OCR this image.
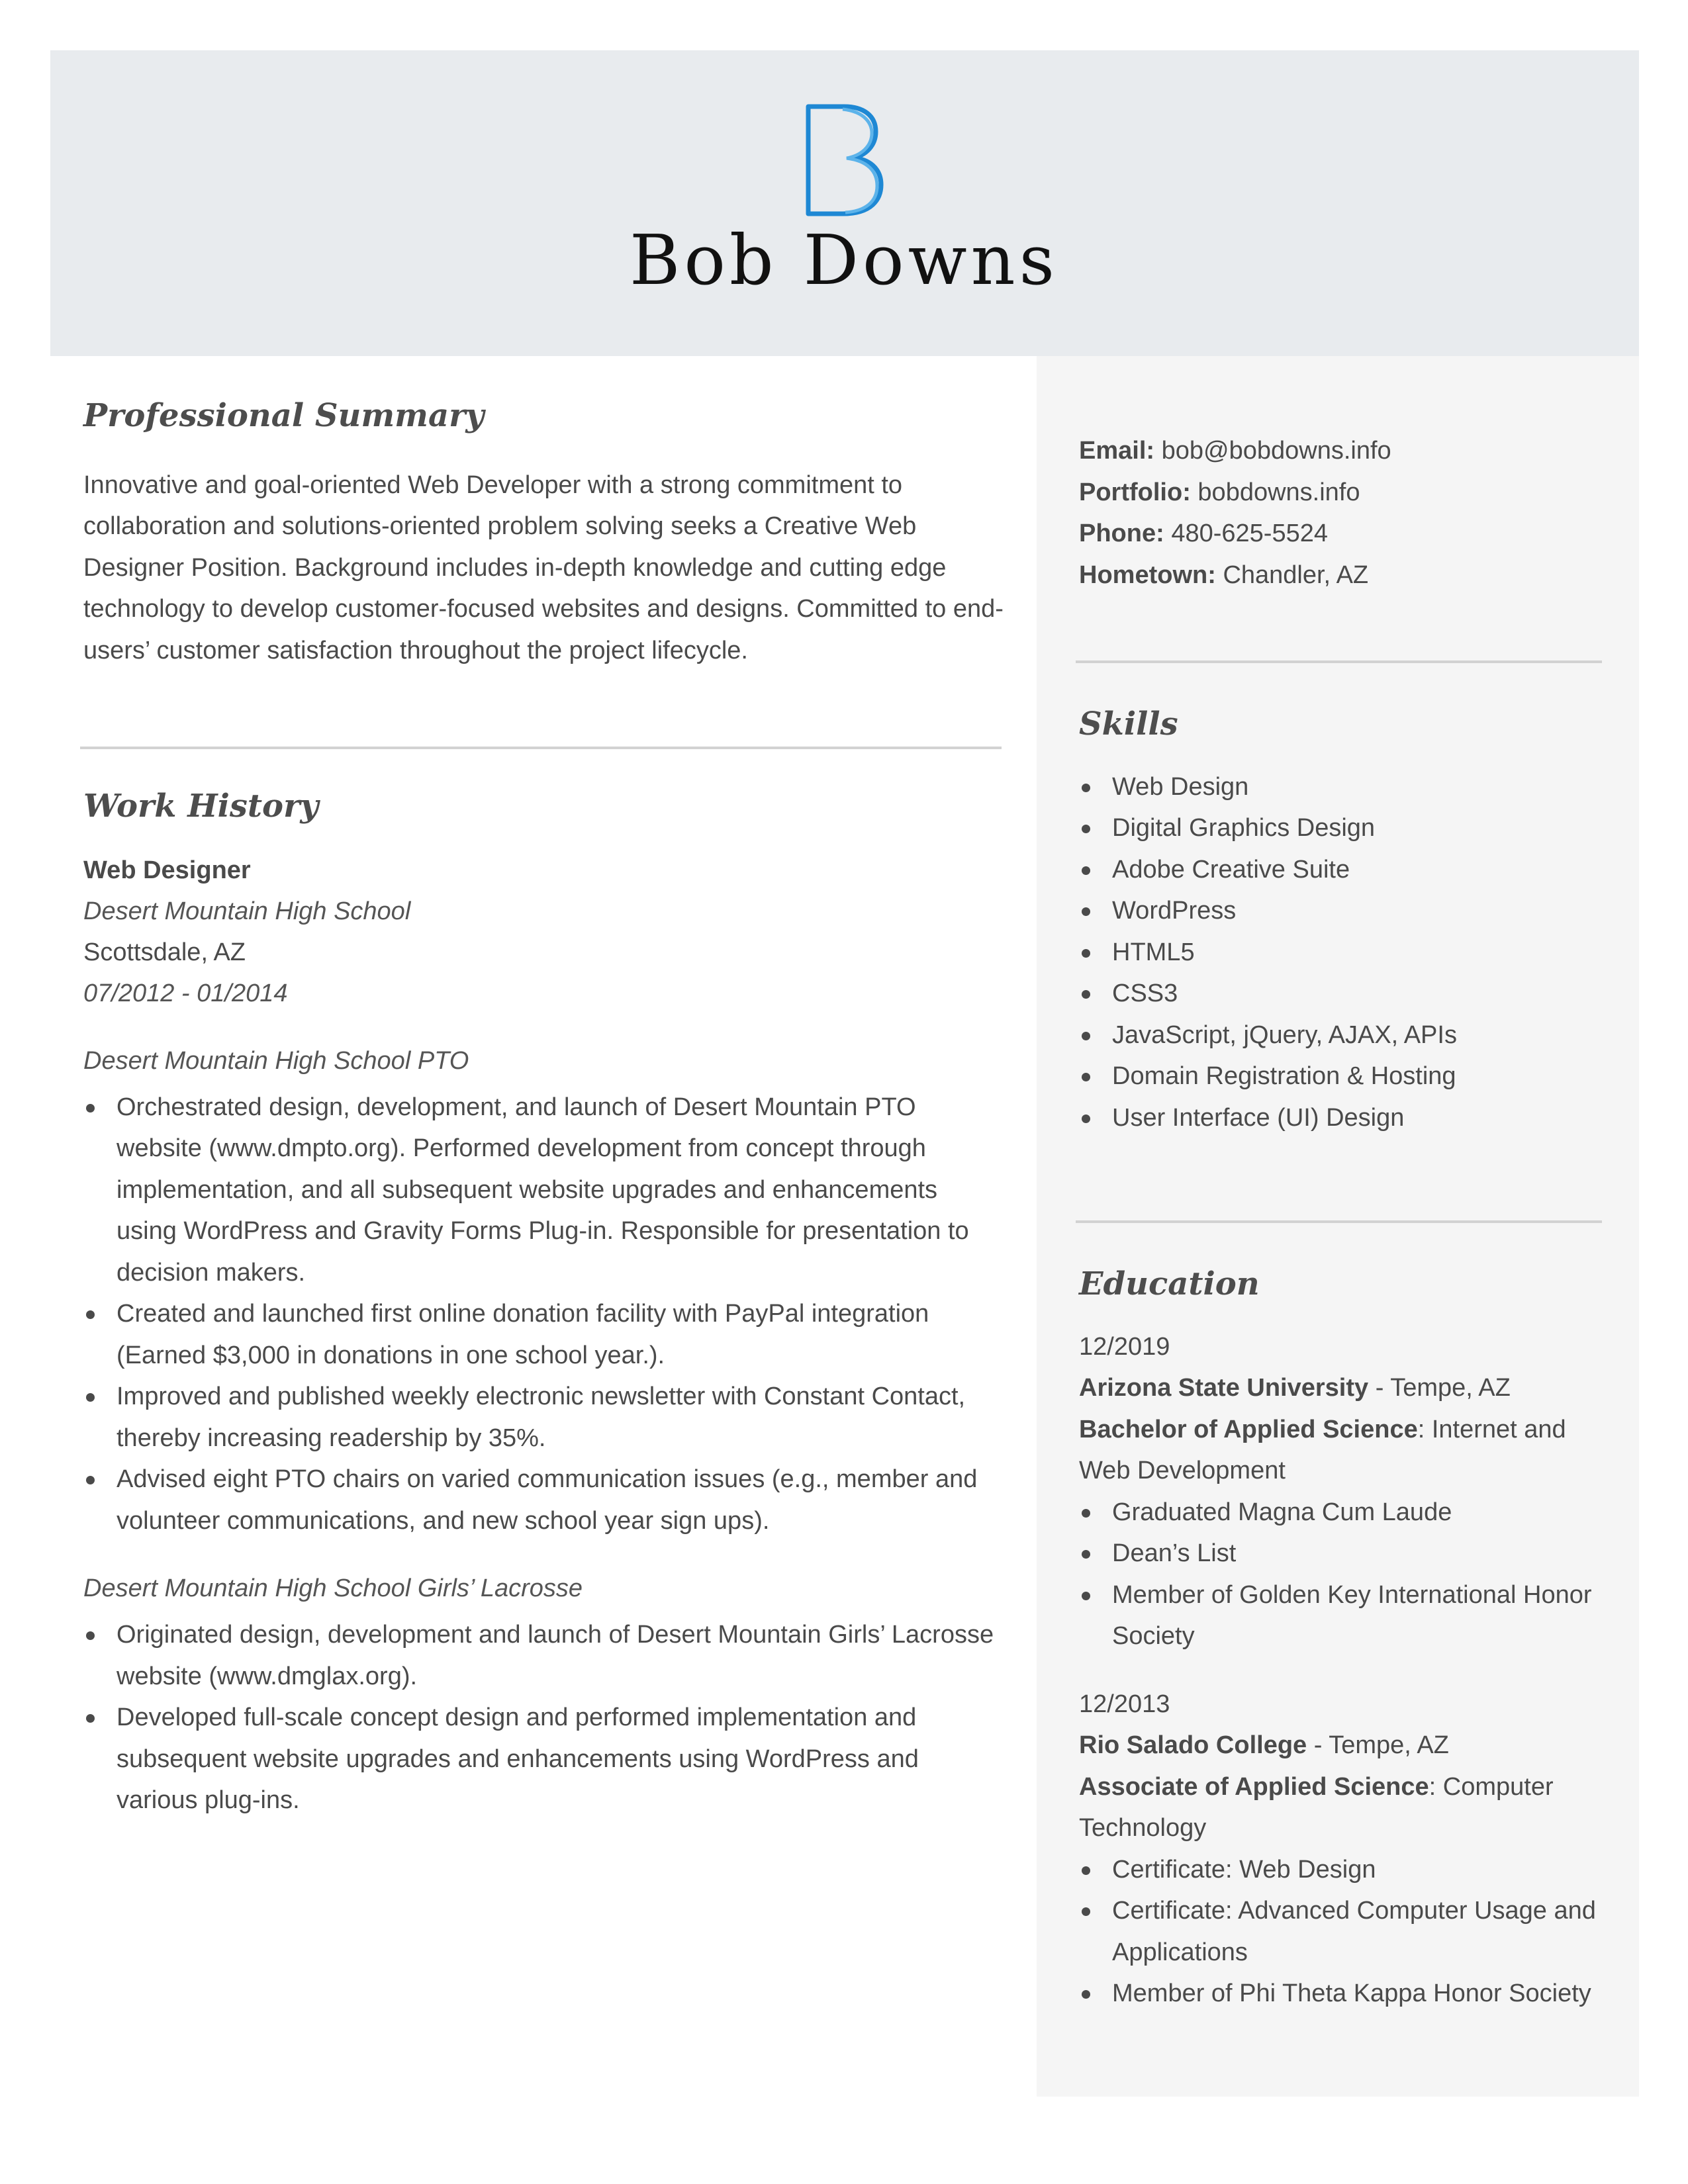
Bob Downs
Professional Summary

Innovative and goal-oriented Web Developer with a strong commitment to collaboration and solutions-oriented problem solving seeks a Creative Web Designer Position. Background includes in-depth knowledge and cutting edge technology to develop customer-focused websites and designs. Committed to end-users’ customer satisfaction throughout the project lifecycle.

Work History
Web Designer
Desert Mountain High School
Scottsdale, AZ
07/2012 - 01/2014
Desert Mountain High School PTO
Orchestrated design, development, and launch of Desert Mountain PTO website (www.dmpto.org). Performed development from concept through implementation, and all subsequent website upgrades and enhancements using WordPress and Gravity Forms Plug-in. Responsible for presentation to decision makers.
Created and launched first online donation facility with PayPal integration (Earned $3,000 in donations in one school year.).
Improved and published weekly electronic newsletter with Constant Contact, thereby increasing readership by 35%.
Advised eight PTO chairs on varied communication issues (e.g., member and volunteer communications, and new school year sign ups).
Desert Mountain High School Girls’ Lacrosse
Originated design, development and launch of Desert Mountain Girls’ Lacrosse website (www.dmglax.org).
Developed full-scale concept design and performed implementation and subsequent website upgrades and enhancements using WordPress and various plug-ins.
Email: bob@bobdowns.info
Portfolio: bobdowns.info
Phone: 480-625-5524
Hometown: Chandler, AZ
Skills
Web Design
Digital Graphics Design
Adobe Creative Suite
WordPress
HTML5
CSS3
JavaScript, jQuery, AJAX, APIs
Domain Registration & Hosting
User Interface (UI) Design
Education
12/2019
Arizona State University - Tempe, AZ
Bachelor of Applied Science: Internet and Web Development
Graduated Magna Cum Laude
Dean’s List
Member of Golden Key International Honor Society
12/2013
Rio Salado College - Tempe, AZ
Associate of Applied Science: Computer Technology
Certificate: Web Design
Certificate: Advanced Computer Usage and Applications
Member of Phi Theta Kappa Honor Society
